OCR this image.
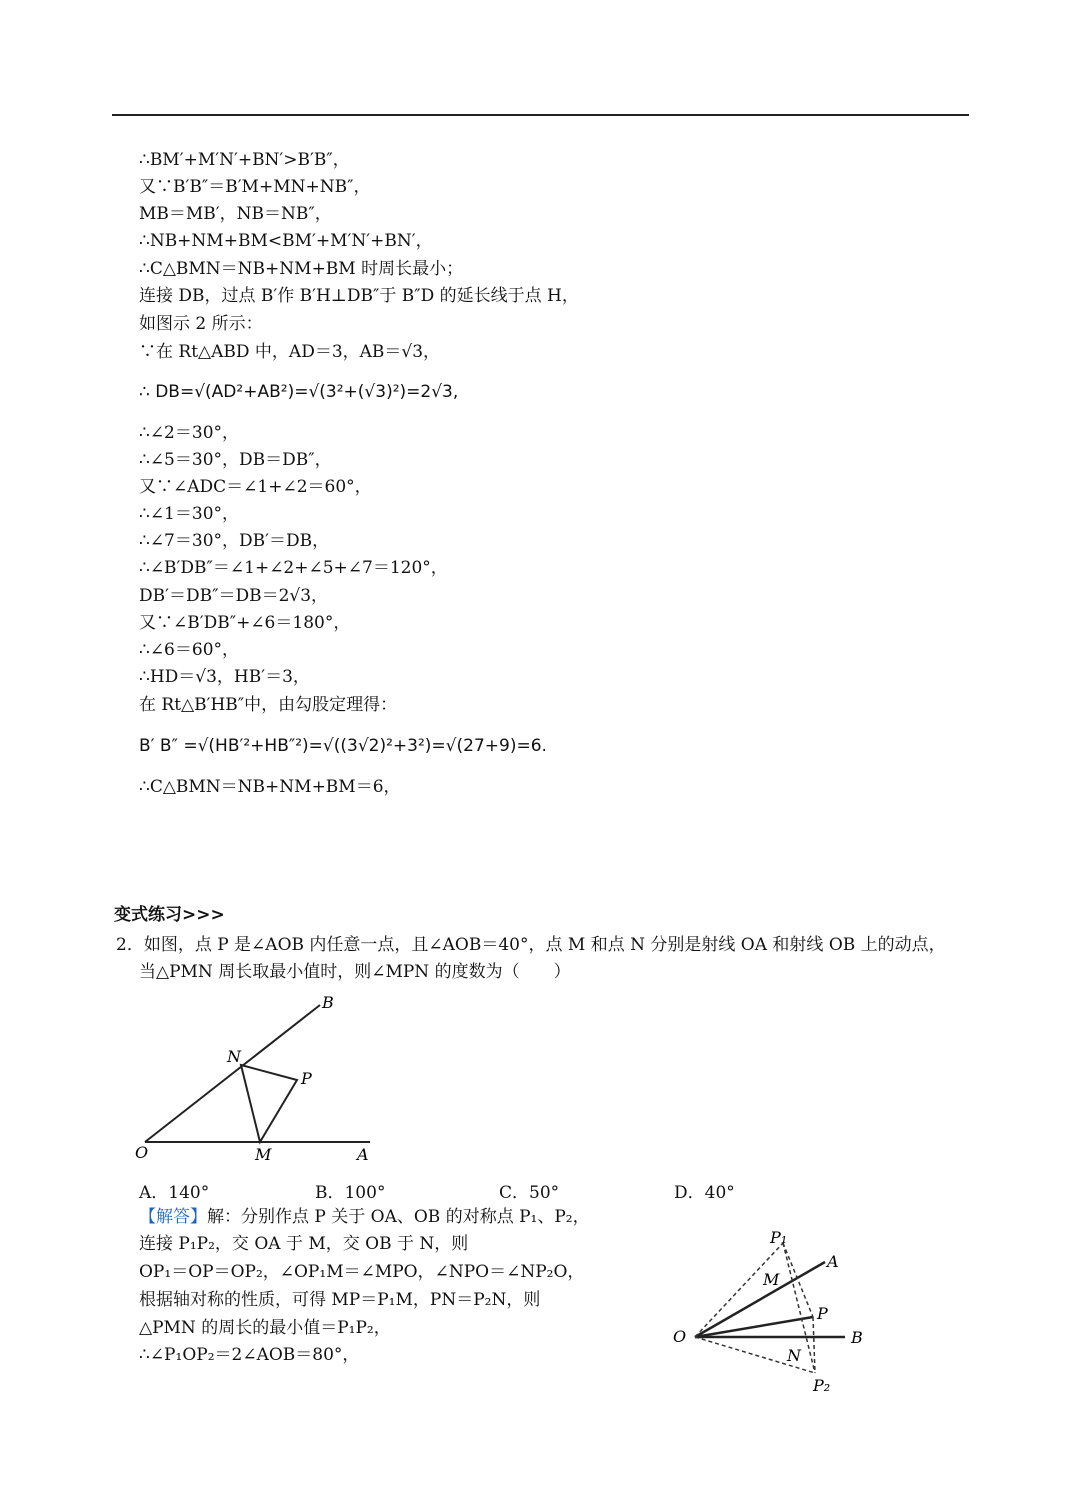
∴BM′+M′N′+BN′>B′B″，
又∵B′B″＝B′M+MN+NB″，
MB＝MB′，NB＝NB″，
∴NB+NM+BM<BM′+M′N′+BN′，
∴C△BMN＝NB+NM+BM 时周长最小；
连接 DB，过点 B′作 B′H⊥DB″于 B″D 的延长线于点 H，
如图示 2 所示：
∵在 Rt△ABD 中，AD＝3，AB＝√3，
∴ DB=√(AD²+AB²)=√(3²+(√3)²)=2√3,
∴∠2＝30°，
∴∠5＝30°，DB＝DB″，
又∵∠ADC＝∠1+∠2＝60°，
∴∠1＝30°，
∴∠7＝30°，DB′＝DB，
∴∠B′DB″＝∠1+∠2+∠5+∠7＝120°，
DB′＝DB″＝DB＝2√3，
又∵∠B′DB″+∠6＝180°，
∴∠6＝60°，
∴HD＝√3，HB′＝3，
在 Rt△B′HB″中，由勾股定理得：
B′ B″ =√(HB′²+HB″²)=√((3√2)²+3²)=√(27+9)=6.
∴C△BMN＝NB+NM+BM＝6，
变式练习>>>
2．如图，点 P 是∠AOB 内任意一点，且∠AOB＝40°，点 M 和点 N 分别是射线 OA 和射线 OB 上的动点，
当△PMN 周长取最小值时，则∠MPN 的度数为（　　）
O	M	A
N
B
P
A．140°	B．100°	C．50°	D．40°
【解答】解：分别作点 P 关于 OA、OB 的对称点 P₁、P₂，
连接 P₁P₂，交 OA 于 M，交 OB 于 N，则
OP₁＝OP＝OP₂，∠OP₁M＝∠MPO，∠NPO＝∠NP₂O，
根据轴对称的性质，可得 MP＝P₁M，PN＝P₂N，则
△PMN 的周长的最小值＝P₁P₂，
∴∠P₁OP₂＝2∠AOB＝80°，
O
A
B
M
N
P
P₁
P₂
